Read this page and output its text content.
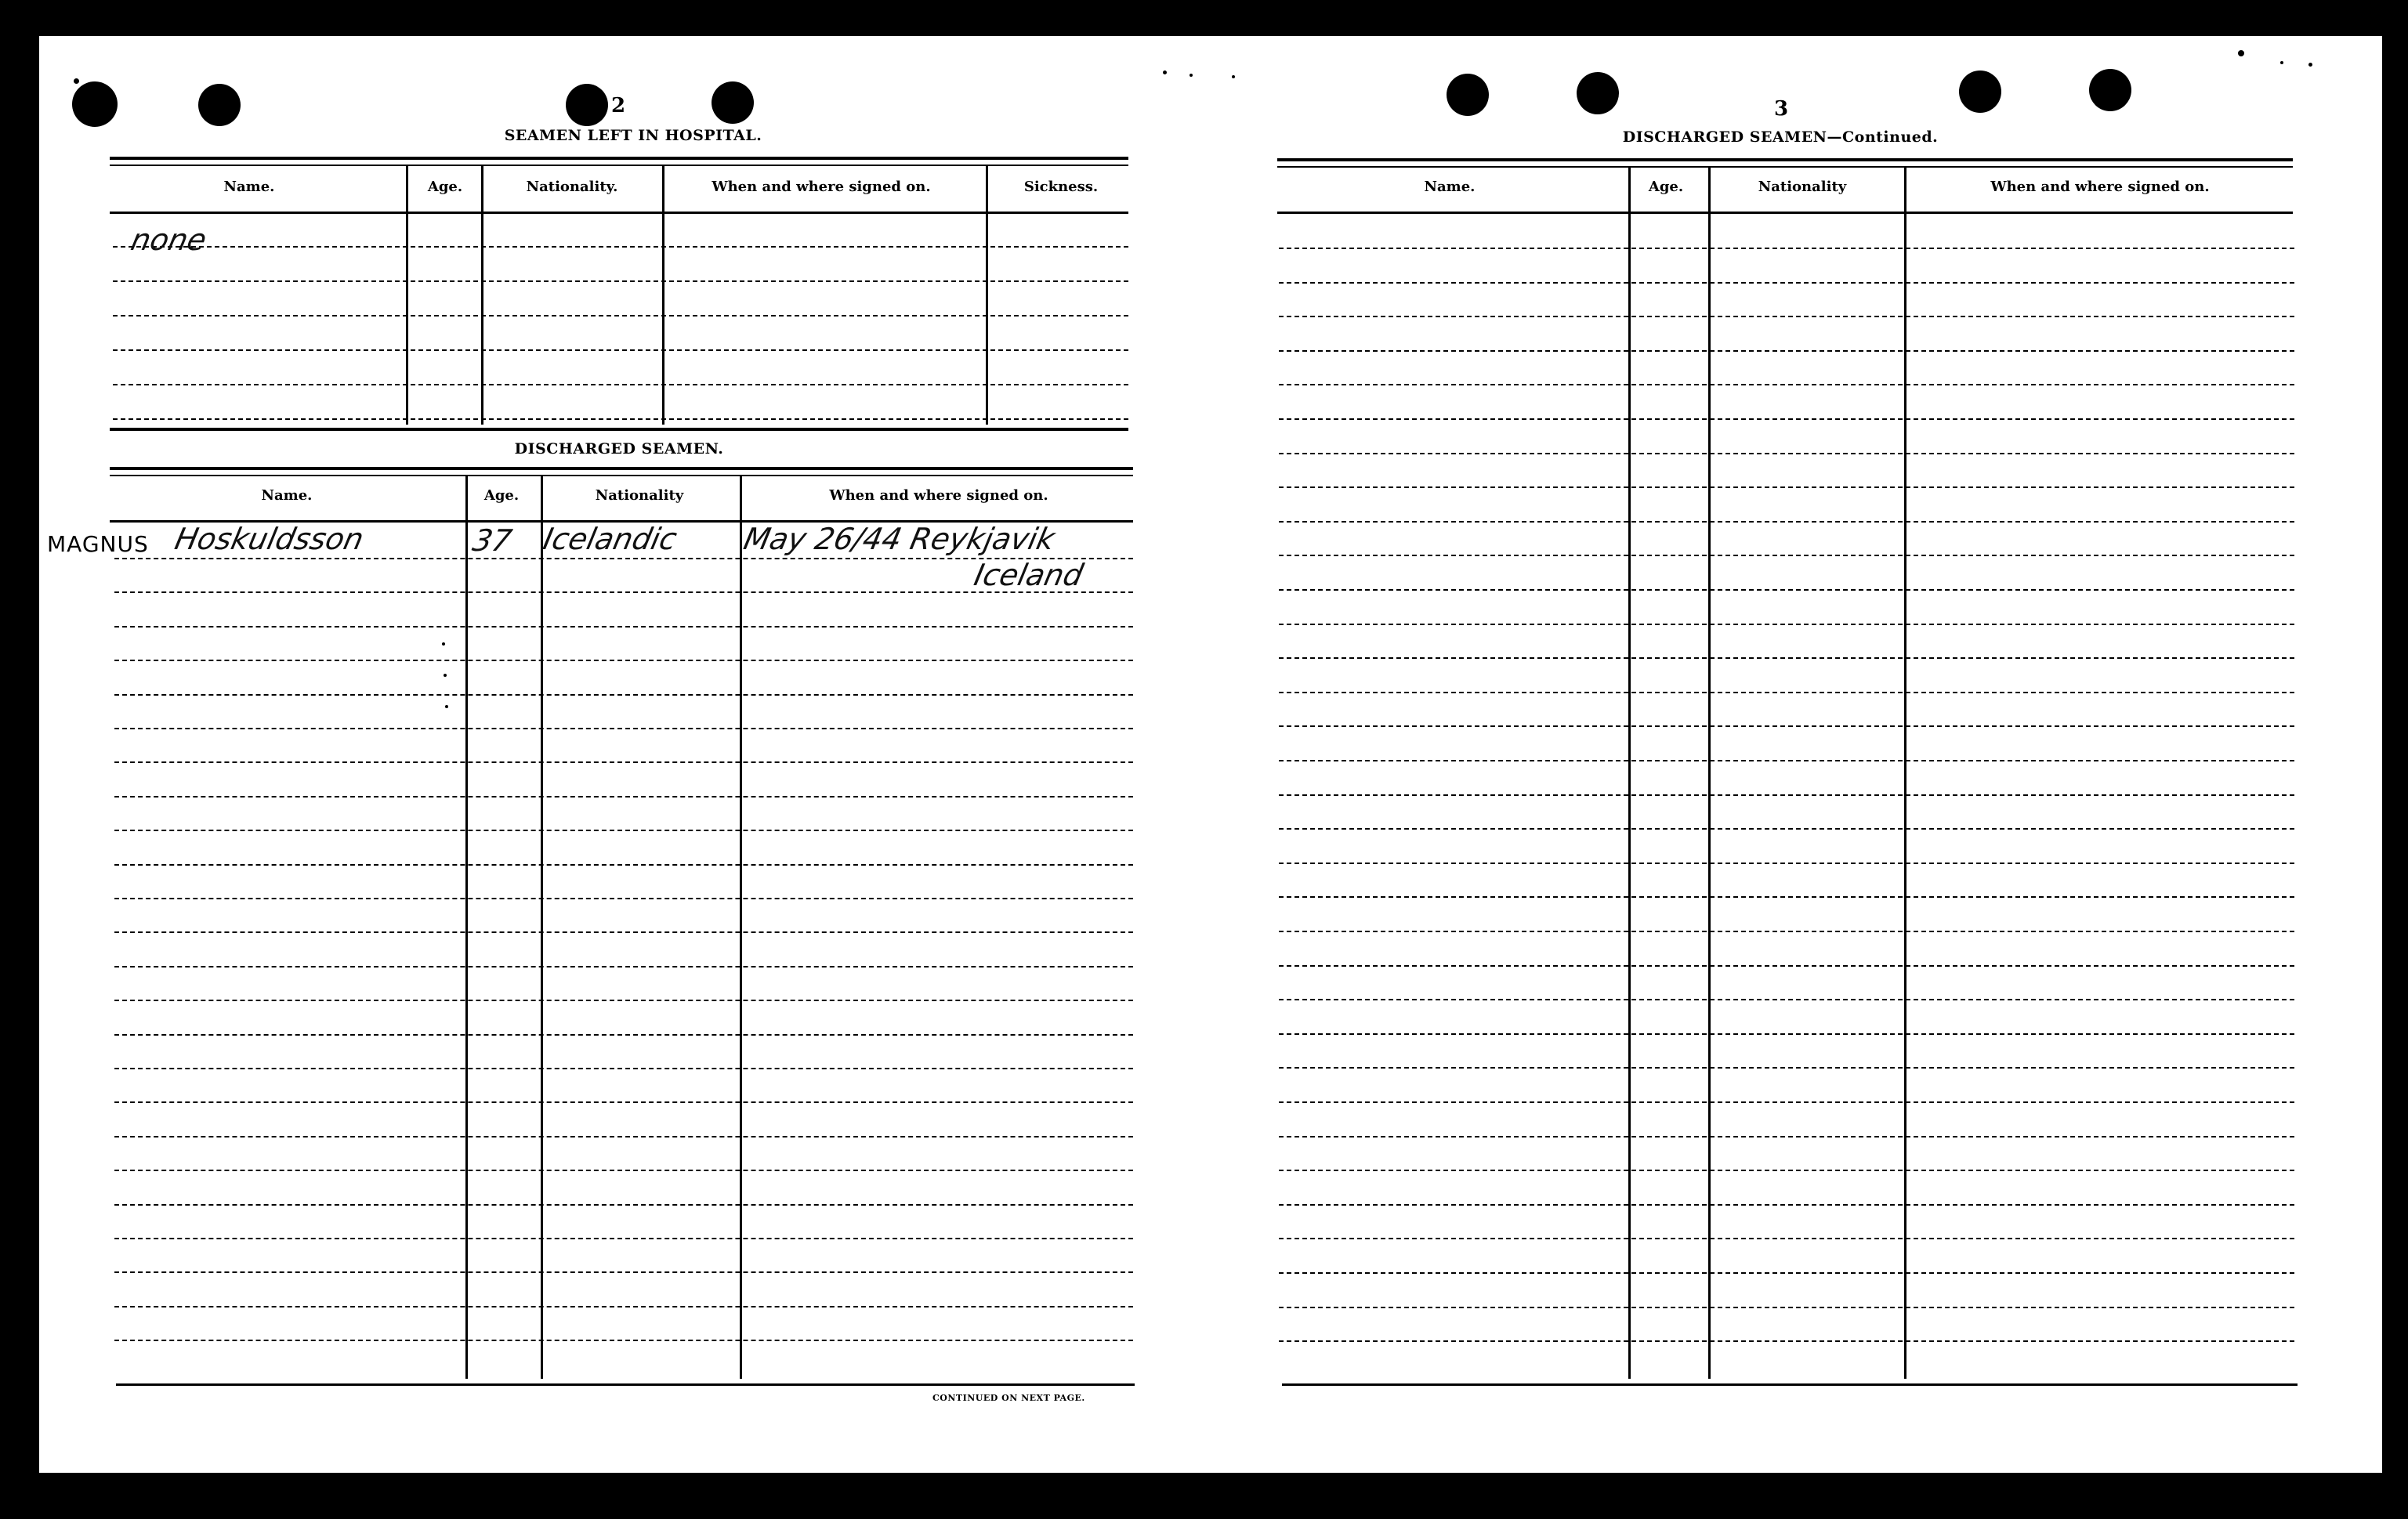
2
SEAMEN LEFT IN HOSPITAL.
Name.	Age.	Nationality.	When and where signed on.	Sickness.
none
DISCHARGED SEAMEN.
Name.	Age.	Nationality	When and where signed on.
MAGNUS Hoskuldsson	37 Icelandic May 26/44 Reykjavik
Iceland
CONTINUED ON NEXT PAGE.
3
DISCHARGED SEAMEN—Continued.
Name.	Age.	Nationality	When and where signed on.
